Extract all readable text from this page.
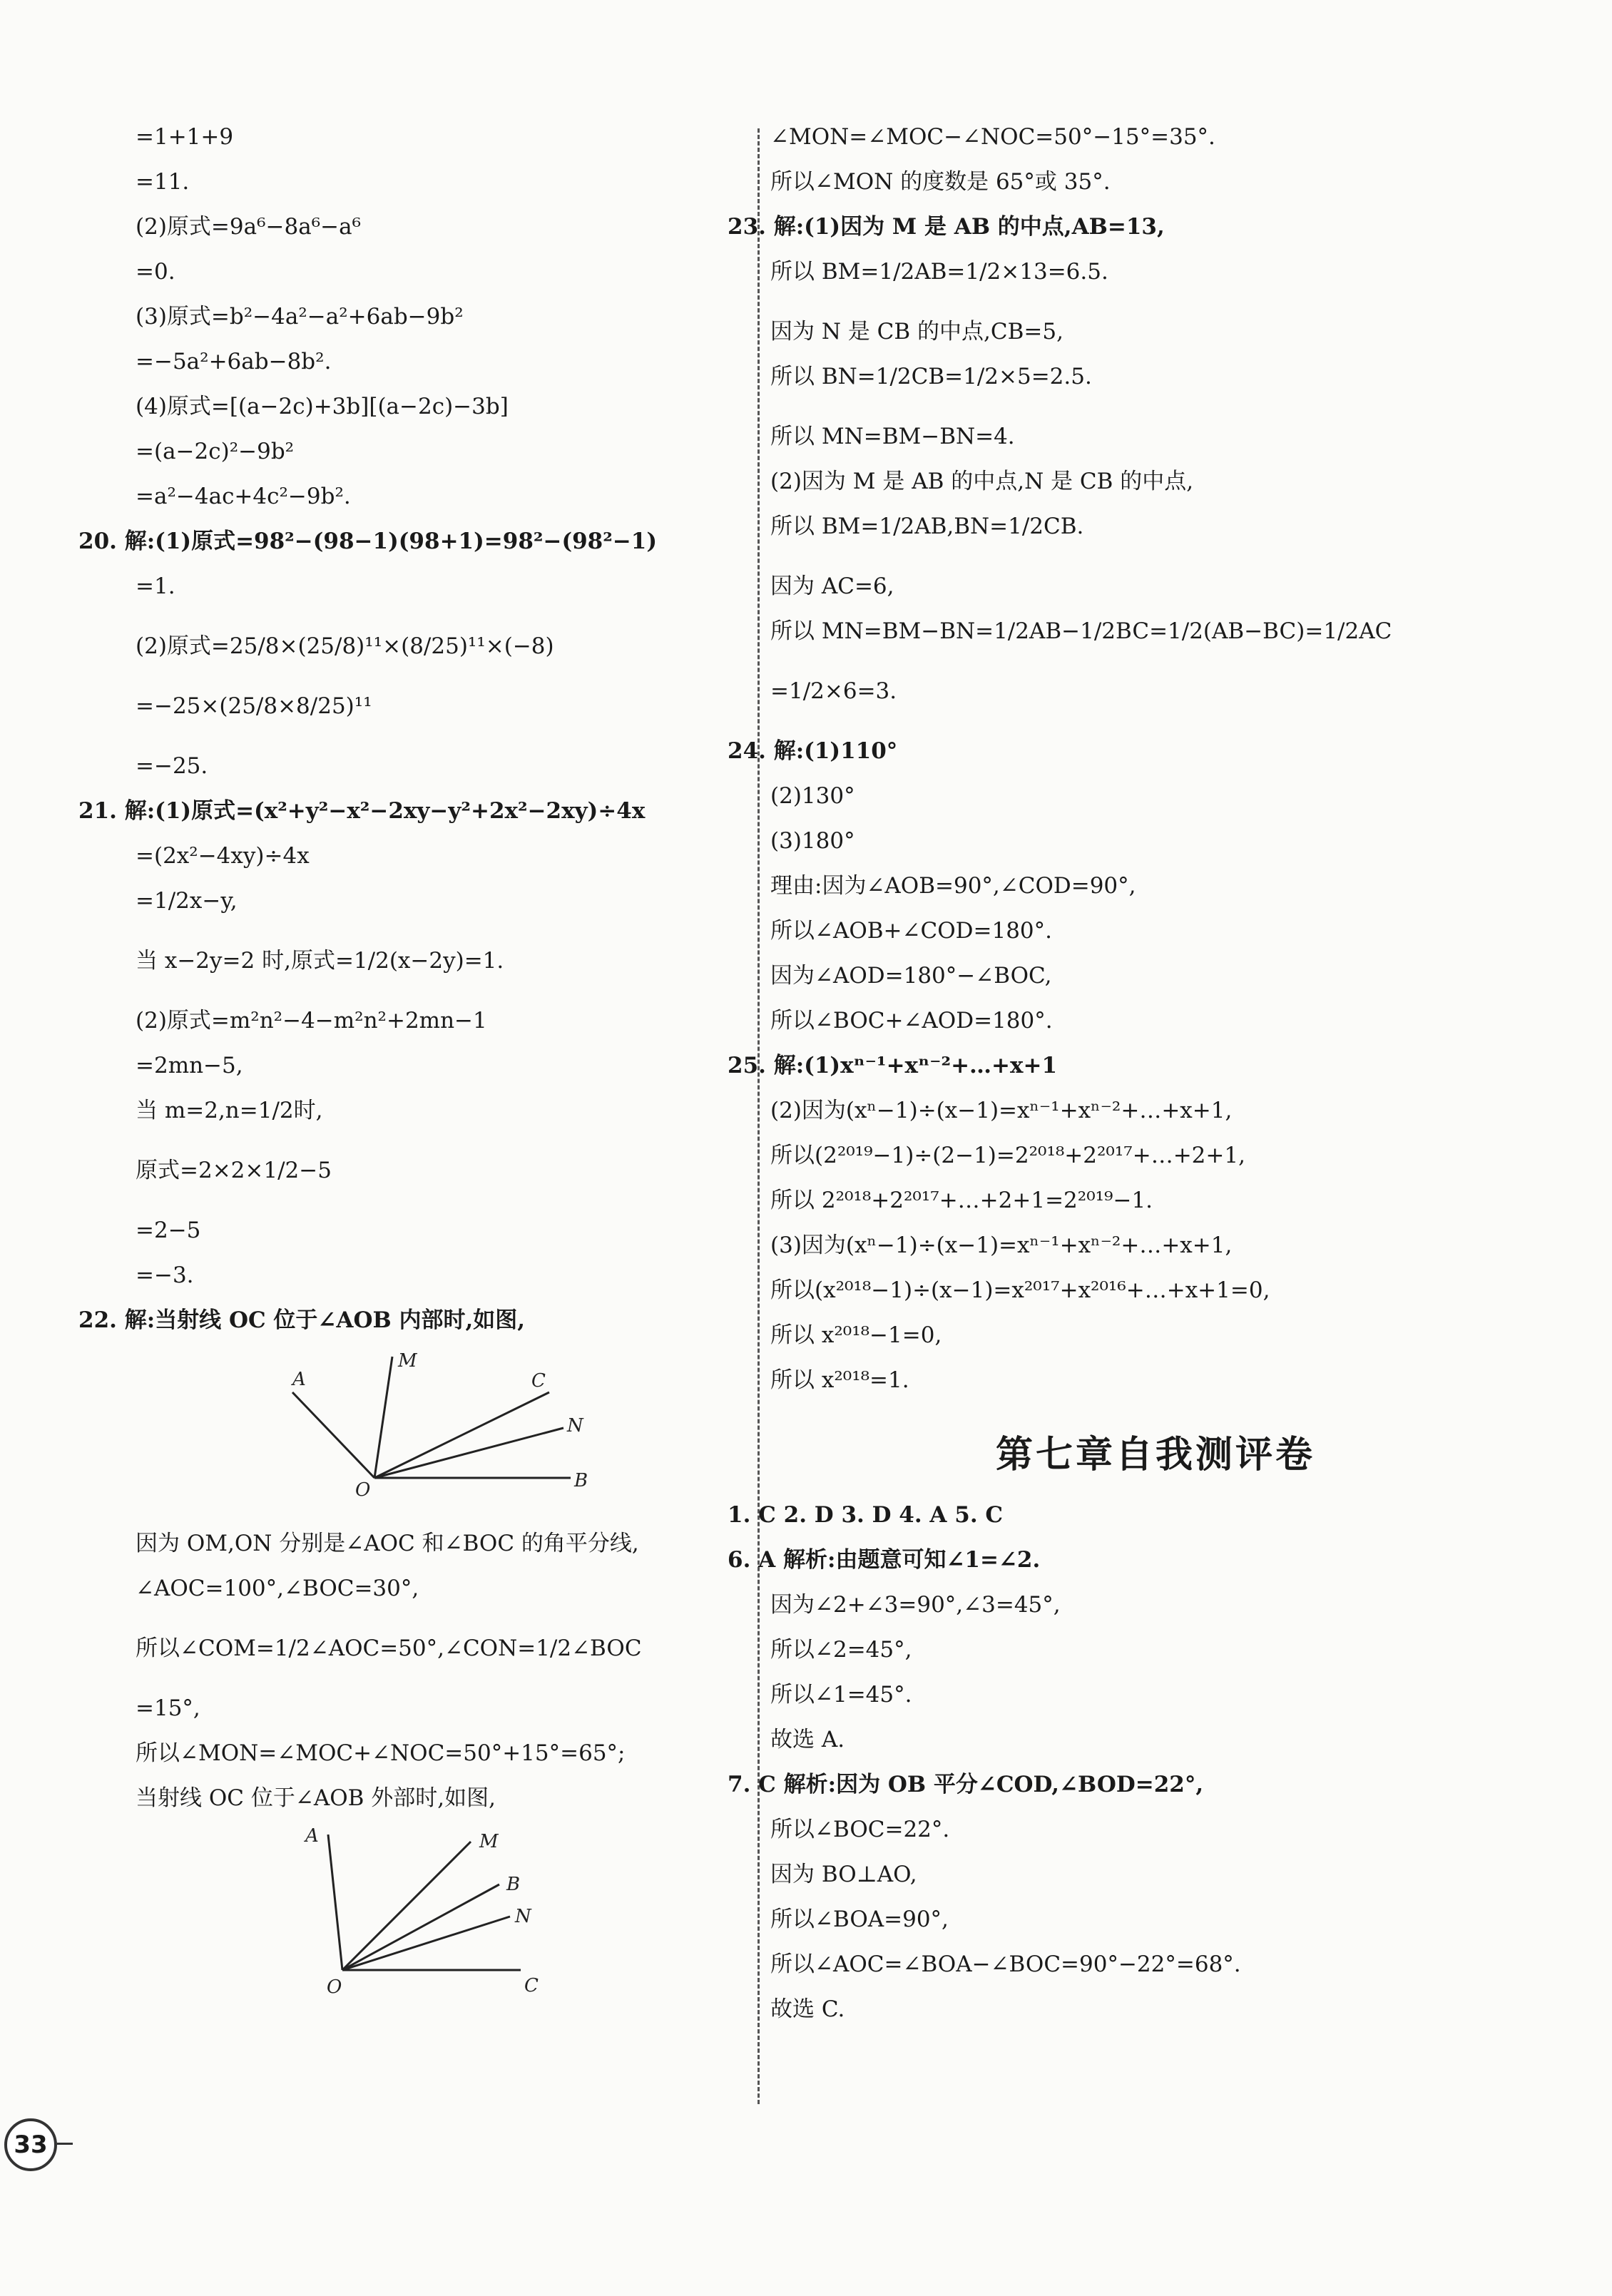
=1+1+9
=11.
(2)原式=9a⁶−8a⁶−a⁶
=0.
(3)原式=b²−4a²−a²+6ab−9b²
=−5a²+6ab−8b².
(4)原式=[(a−2c)+3b][(a−2c)−3b]
=(a−2c)²−9b²
=a²−4ac+4c²−9b².
20. 解:(1)原式=98²−(98−1)(98+1)=98²−(98²−1)
=1.
(2)原式=25/8×(25/8)¹¹×(8/25)¹¹×(−8)
=−25×(25/8×8/25)¹¹
=−25.
21. 解:(1)原式=(x²+y²−x²−2xy−y²+2x²−2xy)÷4x
=(2x²−4xy)÷4x
=1/2x−y,
当 x−2y=2 时,原式=1/2(x−2y)=1.
(2)原式=m²n²−4−m²n²+2mn−1
=2mn−5,
当 m=2,n=1/2时,
原式=2×2×1/2−5
=2−5
=−3.
22. 解:当射线 OC 位于∠AOB 内部时,如图,
A
M
C
N
O	B
因为 OM,ON 分别是∠AOC 和∠BOC 的角平分线,
∠AOC=100°,∠BOC=30°,
所以∠COM=1/2∠AOC=50°,∠CON=1/2∠BOC
=15°,
所以∠MON=∠MOC+∠NOC=50°+15°=65°;
当射线 OC 位于∠AOB 外部时,如图,
A	M
B
N
O	C
∠MON=∠MOC−∠NOC=50°−15°=35°.
所以∠MON 的度数是 65°或 35°.
23. 解:(1)因为 M 是 AB 的中点,AB=13,
所以 BM=1/2AB=1/2×13=6.5.
因为 N 是 CB 的中点,CB=5,
所以 BN=1/2CB=1/2×5=2.5.
所以 MN=BM−BN=4.
(2)因为 M 是 AB 的中点,N 是 CB 的中点,
所以 BM=1/2AB,BN=1/2CB.
因为 AC=6,
所以 MN=BM−BN=1/2AB−1/2BC=1/2(AB−BC)=1/2AC
=1/2×6=3.
24. 解:(1)110°
(2)130°
(3)180°
理由:因为∠AOB=90°,∠COD=90°,
所以∠AOB+∠COD=180°.
因为∠AOD=180°−∠BOC,
所以∠BOC+∠AOD=180°.
25. 解:(1)xⁿ⁻¹+xⁿ⁻²+…+x+1
(2)因为(xⁿ−1)÷(x−1)=xⁿ⁻¹+xⁿ⁻²+…+x+1,
所以(2²⁰¹⁹−1)÷(2−1)=2²⁰¹⁸+2²⁰¹⁷+…+2+1,
所以 2²⁰¹⁸+2²⁰¹⁷+…+2+1=2²⁰¹⁹−1.
(3)因为(xⁿ−1)÷(x−1)=xⁿ⁻¹+xⁿ⁻²+…+x+1,
所以(x²⁰¹⁸−1)÷(x−1)=x²⁰¹⁷+x²⁰¹⁶+…+x+1=0,
所以 x²⁰¹⁸−1=0,
所以 x²⁰¹⁸=1.
第七章自我测评卷
1. C 2. D 3. D 4. A 5. C
6. A 解析:由题意可知∠1=∠2.
因为∠2+∠3=90°,∠3=45°,
所以∠2=45°,
所以∠1=45°.
故选 A.
7. C 解析:因为 OB 平分∠COD,∠BOD=22°,
所以∠BOC=22°.
因为 BO⊥AO,
所以∠BOA=90°,
所以∠AOC=∠BOA−∠BOC=90°−22°=68°.
故选 C.
33
